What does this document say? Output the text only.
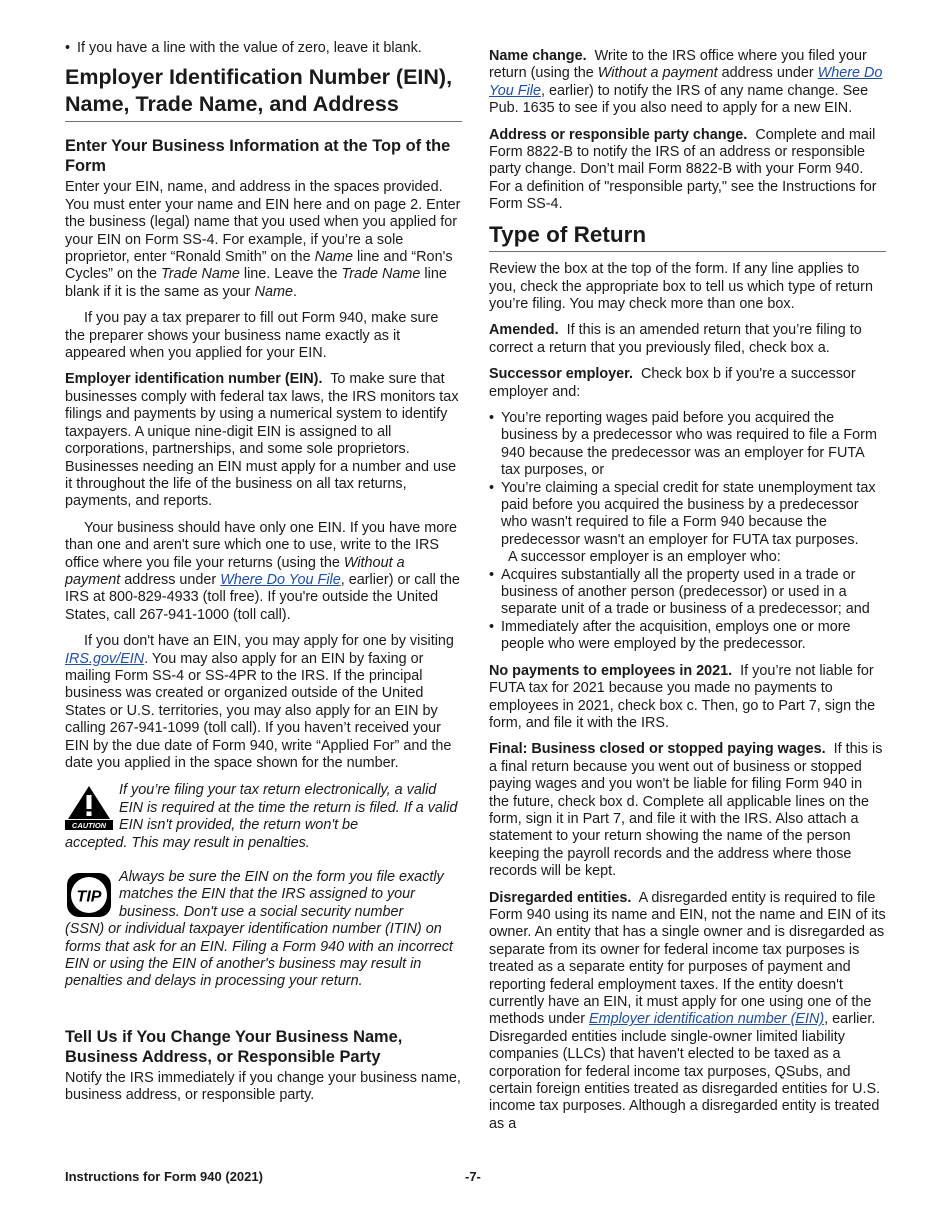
• If you have a line with the value of zero, leave it blank.

Employer Identification Number (EIN), Name, Trade Name, and Address
Enter Your Business Information at the Top of the Form

Enter your EIN, name, and address in the spaces provided. You must enter your name and EIN here and on page 2. Enter the business (legal) name that you used when you applied for your EIN on Form SS-4. For example, if you’re a sole proprietor, enter “Ronald Smith” on the Name line and “Ron's Cycles” on the Trade Name line. Leave the Trade Name line blank if it is the same as your Name.

If you pay a tax preparer to fill out Form 940, make sure the preparer shows your business name exactly as it appeared when you applied for your EIN.

Employer identification number (EIN). To make sure that businesses comply with federal tax laws, the IRS monitors tax filings and payments by using a numerical system to identify taxpayers. A unique nine-digit EIN is assigned to all corporations, partnerships, and some sole proprietors. Businesses needing an EIN must apply for a number and use it throughout the life of the business on all tax returns, payments, and reports.

Your business should have only one EIN. If you have more than one and aren't sure which one to use, write to the IRS office where you file your returns (using the Without a payment address under Where Do You File, earlier) or call the IRS at 800-829-4933 (toll free). If you're outside the United States, call 267-941-1000 (toll call).

If you don't have an EIN, you may apply for one by visiting IRS.gov/EIN. You may also apply for an EIN by faxing or mailing Form SS-4 or SS-4PR to the IRS. If the principal business was created or organized outside of the United States or U.S. territories, you may also apply for an EIN by calling 267-941-1099 (toll call). If you haven’t received your EIN by the due date of Form 940, write “Applied For” and the date you applied in the space shown for the number.

CAUTION

If you’re filing your tax return electronically, a valid EIN is required at the time the return is filed. If a valid EIN isn't provided, the return won't be

accepted. This may result in penalties.

TIP

Always be sure the EIN on the form you file exactly matches the EIN that the IRS assigned to your business. Don't use a social security number

(SSN) or individual taxpayer identification number (ITIN) on forms that ask for an EIN. Filing a Form 940 with an incorrect EIN or using the EIN of another's business may result in penalties and delays in processing your return.

Tell Us if You Change Your Business Name, Business Address, or Responsible Party

Notify the IRS immediately if you change your business name, business address, or responsible party.

Name change. Write to the IRS office where you filed your return (using the Without a payment address under Where Do You File, earlier) to notify the IRS of any name change. See Pub. 1635 to see if you also need to apply for a new EIN.

Address or responsible party change. Complete and mail Form 8822-B to notify the IRS of an address or responsible party change. Don’t mail Form 8822-B with your Form 940. For a definition of "responsible party," see the Instructions for Form SS-4.

Type of Return

Review the box at the top of the form. If any line applies to you, check the appropriate box to tell us which type of return you’re filing. You may check more than one box.

Amended. If this is an amended return that you’re filing to correct a return that you previously filed, check box a.

Successor employer. Check box b if you're a successor employer and:

• You’re reporting wages paid before you acquired the business by a predecessor who was required to file a Form 940 because the predecessor was an employer for FUTA tax purposes, or

• You’re claiming a special credit for state unemployment tax paid before you acquired the business by a predecessor who wasn't required to file a Form 940 because the predecessor wasn't an employer for FUTA tax purposes.

A successor employer is an employer who:

• Acquires substantially all the property used in a trade or business of another person (predecessor) or used in a separate unit of a trade or business of a predecessor; and

• Immediately after the acquisition, employs one or more people who were employed by the predecessor.

No payments to employees in 2021. If you’re not liable for FUTA tax for 2021 because you made no payments to employees in 2021, check box c. Then, go to Part 7, sign the form, and file it with the IRS.

Final: Business closed or stopped paying wages. If this is a final return because you went out of business or stopped paying wages and you won't be liable for filing Form 940 in the future, check box d. Complete all applicable lines on the form, sign it in Part 7, and file it with the IRS. Also attach a statement to your return showing the name of the person keeping the payroll records and the address where those records will be kept.

Disregarded entities. A disregarded entity is required to file Form 940 using its name and EIN, not the name and EIN of its owner. An entity that has a single owner and is disregarded as separate from its owner for federal income tax purposes is treated as a separate entity for purposes of payment and reporting federal employment taxes. If the entity doesn't currently have an EIN, it must apply for one using one of the methods under Employer identification number (EIN), earlier. Disregarded entities include single-owner limited liability companies (LLCs) that haven't elected to be taxed as a corporation for federal income tax purposes, QSubs, and certain foreign entities treated as disregarded entities for U.S. income tax purposes. Although a disregarded entity is treated as a

Instructions for Form 940 (2021)	-7-
